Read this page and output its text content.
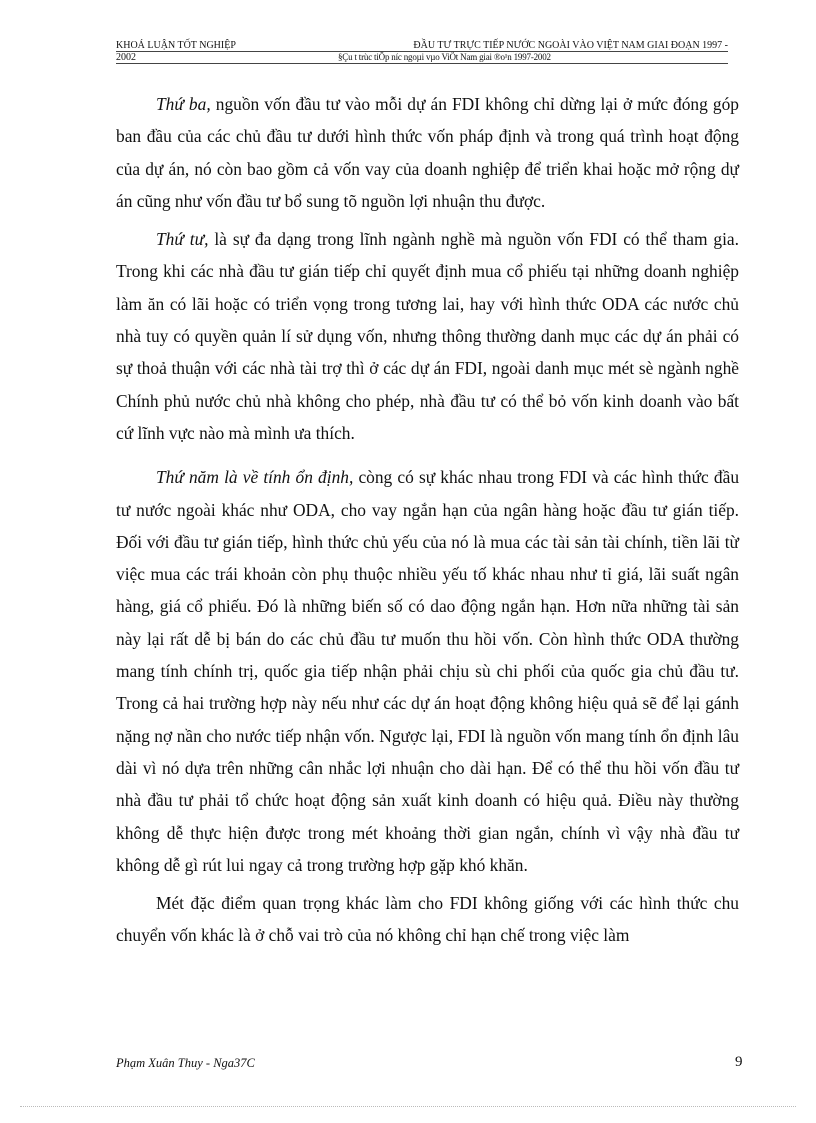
KHOÁ LUẬN TỐT NGHIỆP	ĐẦU TƯ TRỰC TIẾP NƯỚC NGOÀI VÀO VIỆT NAM GIAI ĐOẠN 1997 -
2002	§Çu t trùc tiÕp níc ngoµi vµo ViÖt Nam giai ®o¹n 1997-2002

Thứ ba, nguồn vốn đầu tư vào mỗi dự án FDI không chỉ dừng lại ở mức đóng góp ban đầu của các chủ đầu tư dưới hình thức vốn pháp định và trong quá trình hoạt động của dự án, nó còn bao gồm cả vốn vay của doanh nghiệp để triển khai hoặc mở rộng dự án cũng như vốn đầu tư bổ sung tõ nguồn lợi nhuận thu được.

Thứ tư, là sự đa dạng trong lĩnh ngành nghề mà nguồn vốn FDI có thể tham gia. Trong khi các nhà đầu tư gián tiếp chỉ quyết định mua cổ phiếu tại những doanh nghiệp làm ăn có lãi hoặc có triển vọng trong tương lai, hay với hình thức ODA các nước chủ nhà tuy có quyền quản lí sử dụng vốn, nhưng thông thường danh mục các dự án phải có sự thoả thuận với các nhà tài trợ thì ở các dự án FDI, ngoài danh mục mét sè ngành nghề Chính phủ nước chủ nhà không cho phép, nhà đầu tư có thể bỏ vốn kinh doanh vào bất cứ lĩnh vực nào mà mình ưa thích.

Thứ năm là về tính ổn định, còng có sự khác nhau trong FDI và các hình thức đầu tư nước ngoài khác như ODA, cho vay ngắn hạn của ngân hàng hoặc đầu tư gián tiếp. Đối với đầu tư gián tiếp, hình thức chủ yếu của nó là mua các tài sản tài chính, tiền lãi từ việc mua các trái khoản còn phụ thuộc nhiều yếu tố khác nhau như tỉ giá, lãi suất ngân hàng, giá cổ phiếu. Đó là những biến số có dao động ngắn hạn. Hơn nữa những tài sản này lại rất dễ bị bán do các chủ đầu tư muốn thu hồi vốn. Còn hình thức ODA thường mang tính chính trị, quốc gia tiếp nhận phải chịu sù chi phối của quốc gia chủ đầu tư. Trong cả hai trường hợp này nếu như các dự án hoạt động không hiệu quả sẽ để lại gánh nặng nợ nần cho nước tiếp nhận vốn. Ngược lại, FDI là nguồn vốn mang tính ổn định lâu dài vì nó dựa trên những cân nhắc lợi nhuận cho dài hạn. Để có thể thu hồi vốn đầu tư nhà đầu tư phải tổ chức hoạt động sản xuất kinh doanh có hiệu quả. Điều này thường không dễ thực hiện được trong mét khoảng thời gian ngắn, chính vì vậy nhà đầu tư không dễ gì rút lui ngay cả trong trường hợp gặp khó khăn.

Mét đặc điểm quan trọng khác làm cho FDI không giống với các hình thức chu chuyển vốn khác là ở chỗ vai trò của nó không chỉ hạn chế trong việc làm

Phạm Xuân Thuy - Nga37C	9
